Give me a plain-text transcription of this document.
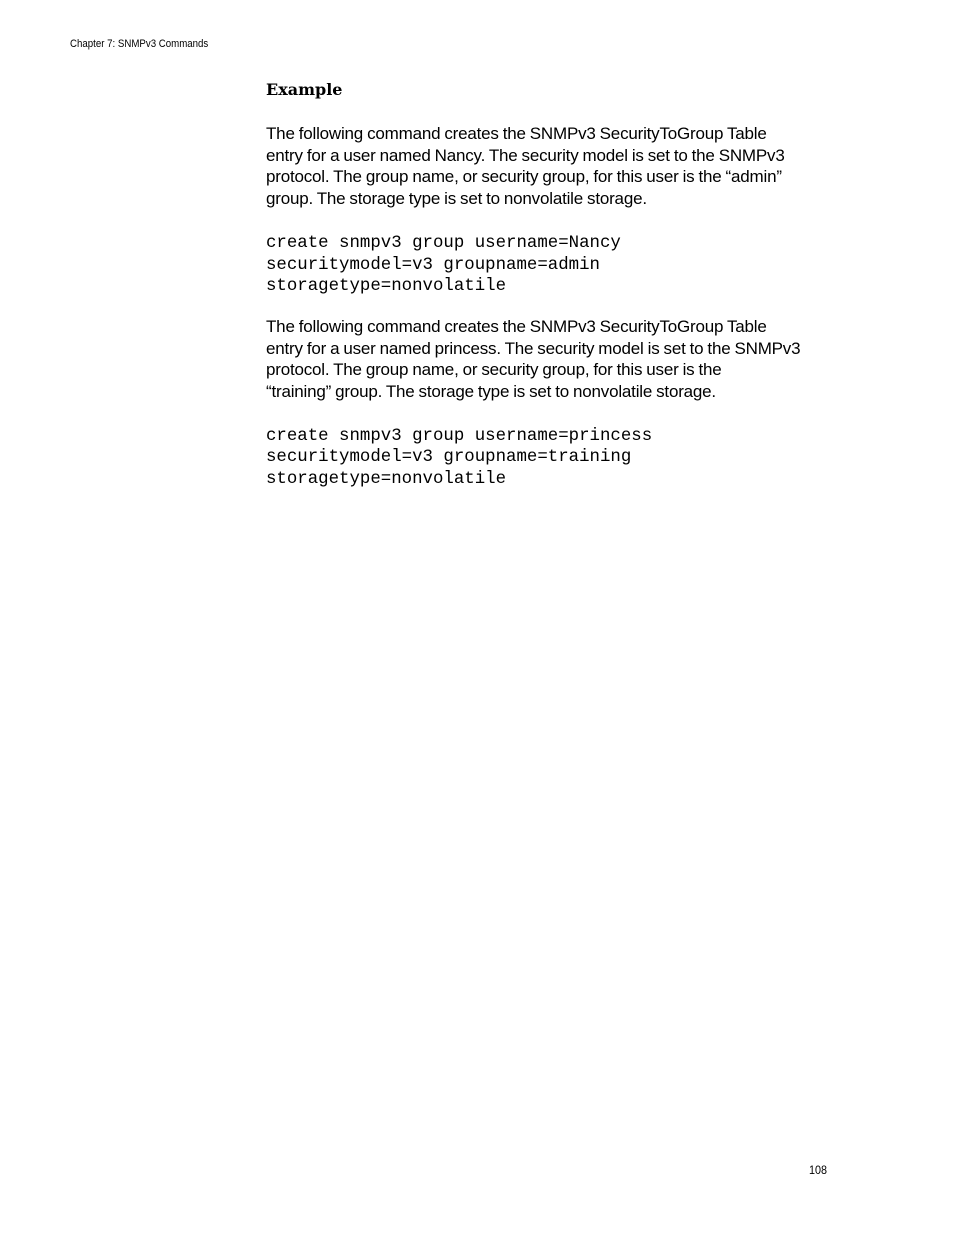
Chapter 7: SNMPv3 Commands
Example

The following command creates the SNMPv3 SecurityToGroup Table
entry for a user named Nancy. The security model is set to the SNMPv3
protocol. The group name, or security group, for this user is the “admin”
group. The storage type is set to nonvolatile storage.

create snmpv3 group username=Nancy
securitymodel=v3 groupname=admin
storagetype=nonvolatile

The following command creates the SNMPv3 SecurityToGroup Table
entry for a user named princess. The security model is set to the SNMPv3
protocol. The group name, or security group, for this user is the
“training” group. The storage type is set to nonvolatile storage.

create snmpv3 group username=princess
securitymodel=v3 groupname=training
storagetype=nonvolatile
108
